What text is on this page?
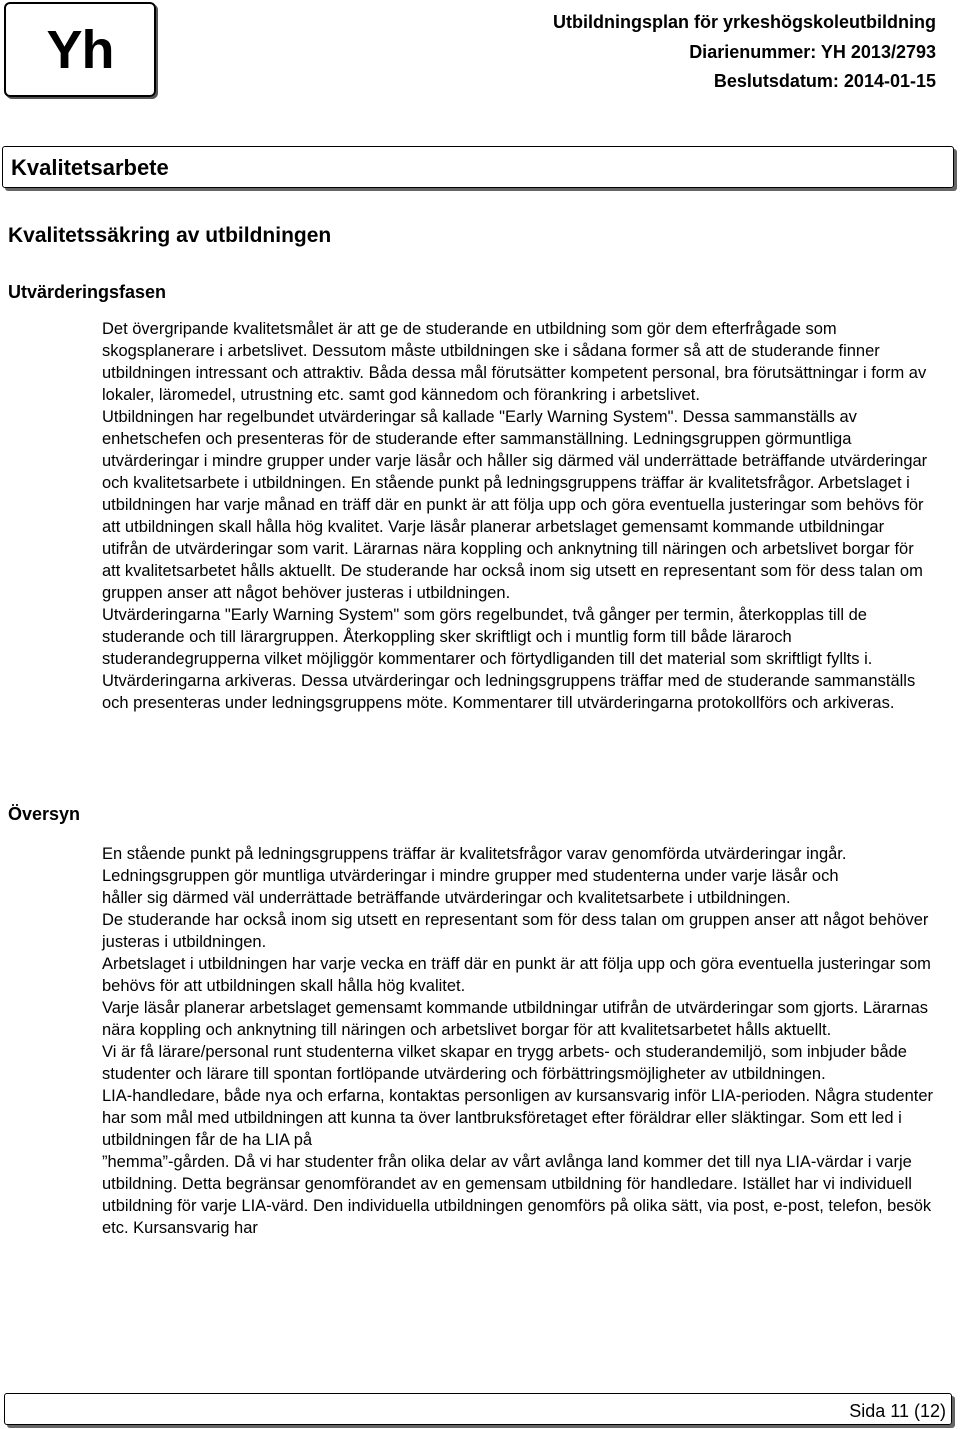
Yh	Utbildningsplan för yrkeshögskoleutbildning
Diarienummer: YH 2013/2793
Beslutsdatum: 2014-01-15
Kvalitetsarbete
Kvalitetssäkring av utbildningen
Utvärderingsfasen

Det övergripande kvalitetsmålet är att ge de studerande en utbildning som gör dem efterfrågade som skogsplanerare i arbetslivet. Dessutom måste utbildningen ske i sådana former så att de studerande finner utbildningen intressant och attraktiv. Båda dessa mål förutsätter kompetent personal, bra förutsättningar i form av lokaler, läromedel, utrustning etc. samt god kännedom och förankring i arbetslivet.

Utbildningen har regelbundet utvärderingar så kallade "Early Warning System". Dessa sammanställs av enhetschefen och presenteras för de studerande efter sammanställning. Ledningsgruppen görmuntliga utvärderingar i mindre grupper under varje läsår och håller sig därmed väl underrättade beträffande utvärderingar och kvalitetsarbete i utbildningen. En stående punkt på ledningsgruppens träffar är kvalitetsfrågor. Arbetslaget i utbildningen har varje månad en träff där en punkt är att följa upp och göra eventuella justeringar som behövs för att utbildningen skall hålla hög kvalitet. Varje läsår planerar arbetslaget gemensamt kommande utbildningar utifrån de utvärderingar som varit. Lärarnas nära koppling och anknytning till näringen och arbetslivet borgar för att kvalitetsarbetet hålls aktuellt. De studerande har också inom sig utsett en representant som för dess talan om gruppen anser att något behöver justeras i utbildningen.

Utvärderingarna "Early Warning System" som görs regelbundet, två gånger per termin, återkopplas till de studerande och till lärargruppen. Återkoppling sker skriftligt och i muntlig form till både läraroch studerandegrupperna vilket möjliggör kommentarer och förtydliganden till det material som skriftligt fyllts i. Utvärderingarna arkiveras. Dessa utvärderingar och ledningsgruppens träffar med de studerande sammanställs och presenteras under ledningsgruppens möte. Kommentarer till utvärderingarna protokollförs och arkiveras.

Översyn

En stående punkt på ledningsgruppens träffar är kvalitetsfrågor varav genomförda utvärderingar ingår.

Ledningsgruppen gör muntliga utvärderingar i mindre grupper med studenterna under varje läsår och

håller sig därmed väl underrättade beträffande utvärderingar och kvalitetsarbete i utbildningen.

De studerande har också inom sig utsett en representant som för dess talan om gruppen anser att något behöver justeras i utbildningen.

Arbetslaget i utbildningen har varje vecka en träff där en punkt är att följa upp och göra eventuella justeringar som behövs för att utbildningen skall hålla hög kvalitet.

Varje läsår planerar arbetslaget gemensamt kommande utbildningar utifrån de utvärderingar som gjorts. Lärarnas nära koppling och anknytning till näringen och arbetslivet borgar för att kvalitetsarbetet hålls aktuellt.

Vi är få lärare/personal runt studenterna vilket skapar en trygg arbets- och studerandemiljö, som inbjuder både studenter och lärare till spontan fortlöpande utvärdering och förbättringsmöjligheter av utbildningen.

LIA-handledare, både nya och erfarna, kontaktas personligen av kursansvarig inför LIA-perioden. Några studenter har som mål med utbildningen att kunna ta över lantbruksföretaget efter föräldrar eller släktingar. Som ett led i utbildningen får de ha LIA på

”hemma”-gården. Då vi har studenter från olika delar av vårt avlånga land kommer det till nya LIA-värdar i varje utbildning. Detta begränsar genomförandet av en gemensam utbildning för handledare. Istället har vi individuell utbildning för varje LIA-värd. Den individuella utbildningen genomförs på olika sätt, via post, e-post, telefon, besök etc. Kursansvarig har

Sida 11 (12)
